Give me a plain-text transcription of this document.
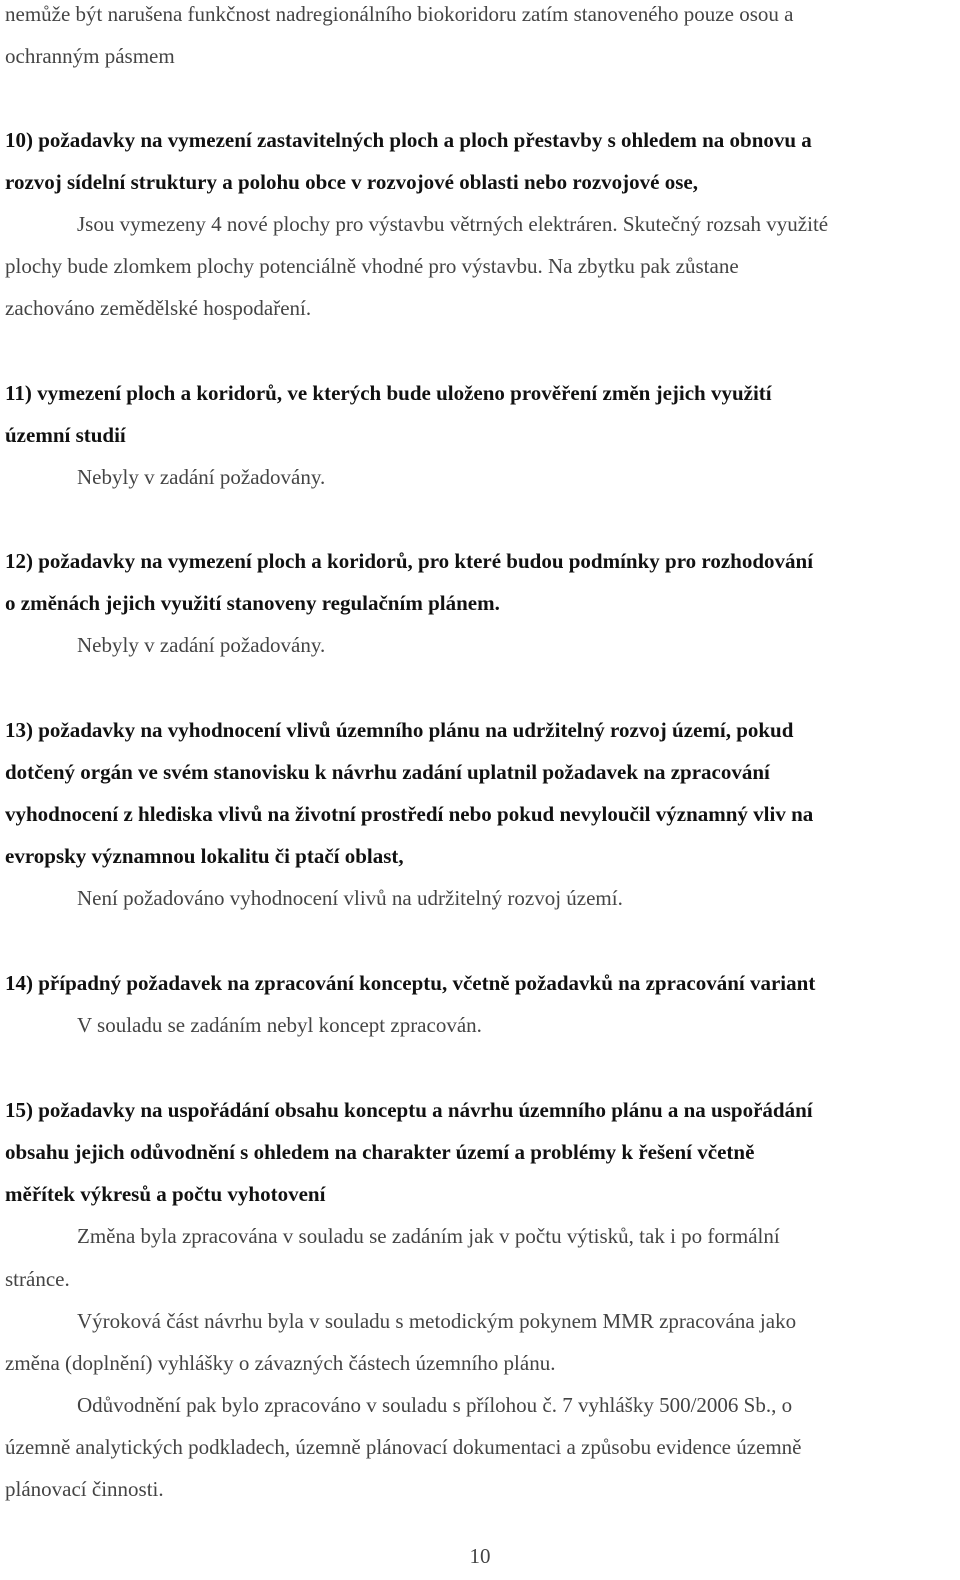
nemůže být narušena funkčnost nadregionálního biokoridoru zatím stanoveného pouze osou a
ochranným pásmem
10) požadavky na vymezení zastavitelných ploch a ploch přestavby s ohledem na obnovu a
rozvoj sídelní struktury a polohu obce v rozvojové oblasti nebo rozvojové ose,
Jsou vymezeny 4 nové plochy pro výstavbu větrných elektráren. Skutečný rozsah využité
plochy bude zlomkem plochy potenciálně vhodné pro výstavbu. Na zbytku pak zůstane
zachováno zemědělské hospodaření.
11) vymezení ploch a koridorů, ve kterých bude uloženo prověření změn jejich využití
územní studií
Nebyly v zadání požadovány.
12) požadavky na vymezení ploch a koridorů, pro které budou podmínky pro rozhodování
o změnách jejich využití stanoveny regulačním plánem.
Nebyly v zadání požadovány.
13) požadavky na vyhodnocení vlivů územního plánu na udržitelný rozvoj území, pokud
dotčený orgán ve svém stanovisku k návrhu zadání uplatnil požadavek na zpracování
vyhodnocení z hlediska vlivů na životní prostředí nebo pokud nevyloučil významný vliv na
evropsky významnou lokalitu či ptačí oblast,
Není požadováno vyhodnocení vlivů na udržitelný rozvoj území.
14) případný požadavek na zpracování konceptu, včetně požadavků na zpracování variant
V souladu se zadáním nebyl koncept zpracován.
15) požadavky na uspořádání obsahu konceptu a návrhu územního plánu a na uspořádání
obsahu jejich odůvodnění s ohledem na charakter území a problémy k řešení včetně
měřítek výkresů a počtu vyhotovení
Změna byla zpracována v souladu se zadáním jak v počtu výtisků, tak i po formální
stránce.
Výroková část návrhu byla v souladu s metodickým pokynem MMR zpracována jako
změna (doplnění) vyhlášky o závazných částech územního plánu.
Odůvodnění pak bylo zpracováno v souladu s přílohou č. 7 vyhlášky 500/2006 Sb., o
územně analytických podkladech, územně plánovací dokumentaci a způsobu evidence územně
plánovací činnosti.
10
